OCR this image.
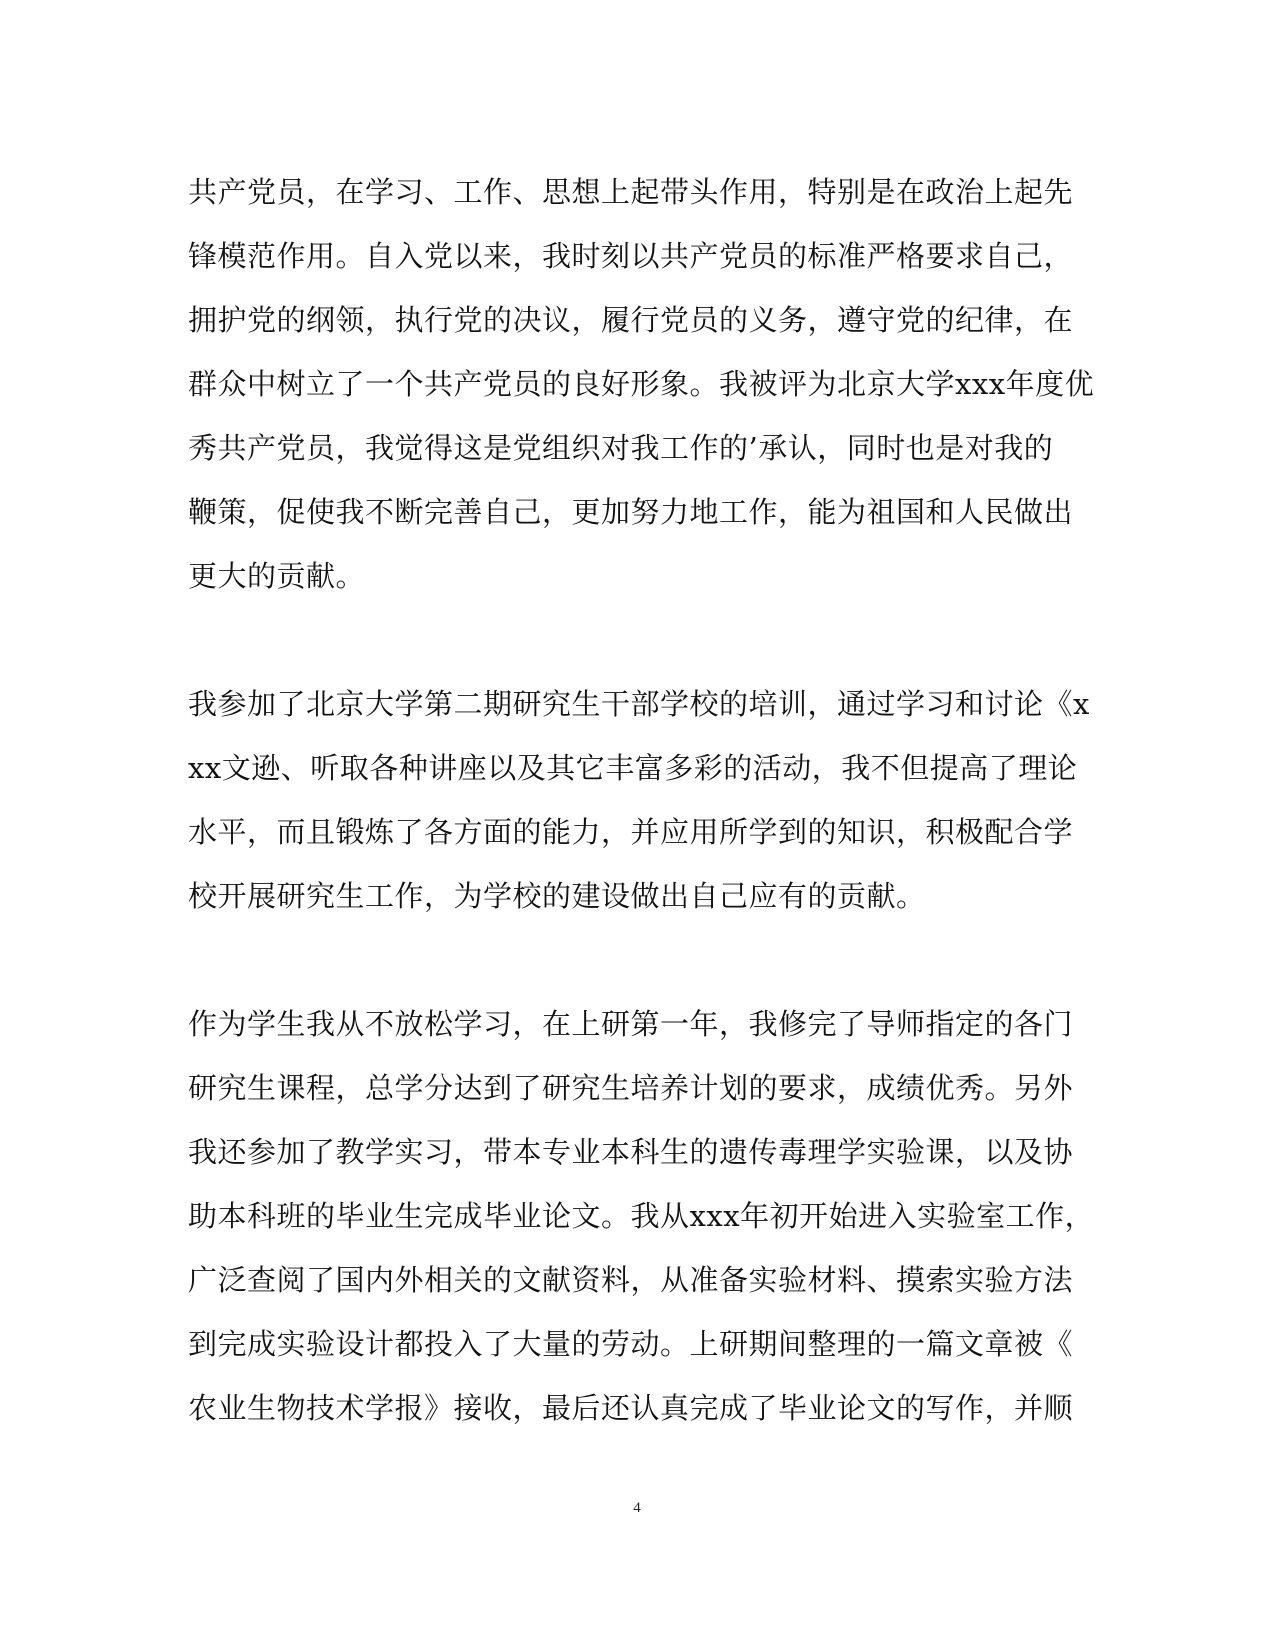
共产党员，在学习、工作、思想上起带头作用，特别是在政治上起先
锋模范作用。自入党以来，我时刻以共产党员的标准严格要求自己，
拥护党的纲领，执行党的决议，履行党员的义务，遵守党的纪律，在
群众中树立了一个共产党员的良好形象。我被评为北京大学xxx年度优
秀共产党员，我觉得这是党组织对我工作的’承认，同时也是对我的
鞭策，促使我不断完善自己，更加努力地工作，能为祖国和人民做出
更大的贡献。
我参加了北京大学第二期研究生干部学校的培训，通过学习和讨论《x
xx文逊、听取各种讲座以及其它丰富多彩的活动，我不但提高了理论
水平，而且锻炼了各方面的能力，并应用所学到的知识，积极配合学
校开展研究生工作，为学校的建设做出自己应有的贡献。
作为学生我从不放松学习，在上研第一年，我修完了导师指定的各门
研究生课程，总学分达到了研究生培养计划的要求，成绩优秀。另外
我还参加了教学实习，带本专业本科生的遗传毒理学实验课，以及协
助本科班的毕业生完成毕业论文。我从xxx年初开始进入实验室工作，
广泛查阅了国内外相关的文献资料，从准备实验材料、摸索实验方法
到完成实验设计都投入了大量的劳动。上研期间整理的一篇文章被《
农业生物技术学报》接收，最后还认真完成了毕业论文的写作，并顺
4
